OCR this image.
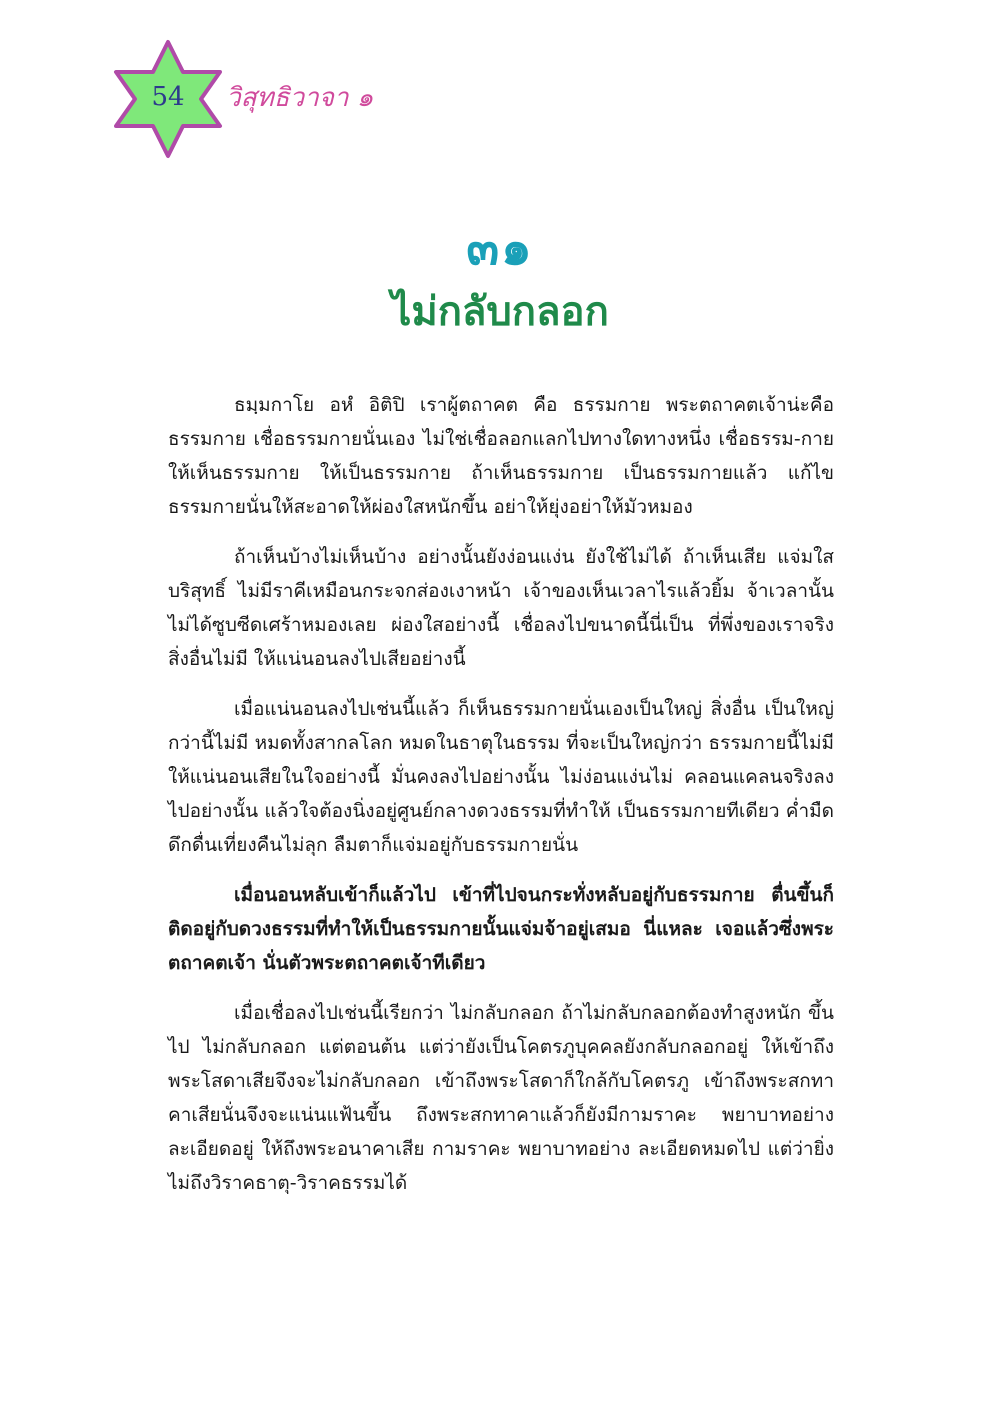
54	วิสุทธิวาจา ๑
๓๑
ไม่กลับกลอก

ธมฺมกาโย อหํ อิติปิ เราผู้ตถาคต คือ ธรรมกาย พระตถาคตเจ้าน่ะคือ ธรรมกาย เชื่อธรรมกายนั่นเอง ไม่ใช่เชื่อลอกแลกไปทางใดทางหนึ่ง เชื่อธรรม-กาย ให้เห็นธรรมกาย ให้เป็นธรรมกาย ถ้าเห็นธรรมกาย เป็นธรรมกายแล้ว แก้ไขธรรมกายนั่นให้สะอาดให้ผ่องใสหนักขึ้น อย่าให้ยุ่งอย่าให้มัวหมอง

ถ้าเห็นบ้างไม่เห็นบ้าง อย่างนั้นยังง่อนแง่น ยังใช้ไม่ได้ ถ้าเห็นเสีย แจ่มใสบริสุทธิ์ ไม่มีราคีเหมือนกระจกส่องเงาหน้า เจ้าของเห็นเวลาไรแล้วยิ้ม จ้าเวลานั้น ไม่ได้ซูบซีดเศร้าหมองเลย ผ่องใสอย่างนี้ เชื่อลงไปขนาดนี้นี่เป็น ที่พึ่งของเราจริง สิ่งอื่นไม่มี ให้แน่นอนลงไปเสียอย่างนี้

เมื่อแน่นอนลงไปเช่นนี้แล้ว ก็เห็นธรรมกายนั่นเองเป็นใหญ่ สิ่งอื่น เป็นใหญ่กว่านี้ไม่มี หมดทั้งสากลโลก หมดในธาตุในธรรม ที่จะเป็นใหญ่กว่า ธรรมกายนี้ไม่มี ให้แน่นอนเสียในใจอย่างนี้ มั่นคงลงไปอย่างนั้น ไม่ง่อนแง่นไม่ คลอนแคลนจริงลงไปอย่างนั้น แล้วใจต้องนิ่งอยู่ศูนย์กลางดวงธรรมที่ทำให้ เป็นธรรมกายทีเดียว ค่ำมืดดึกดื่นเที่ยงคืนไม่ลุก ลืมตาก็แจ่มอยู่กับธรรมกายนั่น

เมื่อนอนหลับเข้าก็แล้วไป เข้าที่ไปจนกระทั่งหลับอยู่กับธรรมกาย ตื่นขึ้นก็ติดอยู่กับดวงธรรมที่ทำให้เป็นธรรมกายนั้นแจ่มจ้าอยู่เสมอ นี่แหละ เจอแล้วซึ่งพระตถาคตเจ้า นั่นตัวพระตถาคตเจ้าทีเดียว

เมื่อเชื่อลงไปเช่นนี้เรียกว่า ไม่กลับกลอก ถ้าไม่กลับกลอกต้องทำสูงหนัก ขึ้นไป ไม่กลับกลอก แต่ตอนต้น แต่ว่ายังเป็นโคตรภูบุคคลยังกลับกลอกอยู่ ให้เข้าถึงพระโสดาเสียจึงจะไม่กลับกลอก เข้าถึงพระโสดาก็ใกล้กับโคตรภู เข้าถึงพระสกทาคาเสียนั่นจึงจะแน่นแฟ้นขึ้น ถึงพระสกทาคาแล้วก็ยังมีกามราคะ พยาบาทอย่างละเอียดอยู่ ให้ถึงพระอนาคาเสีย กามราคะ พยาบาทอย่าง ละเอียดหมดไป แต่ว่ายิ่งไม่ถึงวิราคธาตุ-วิราคธรรมได้
